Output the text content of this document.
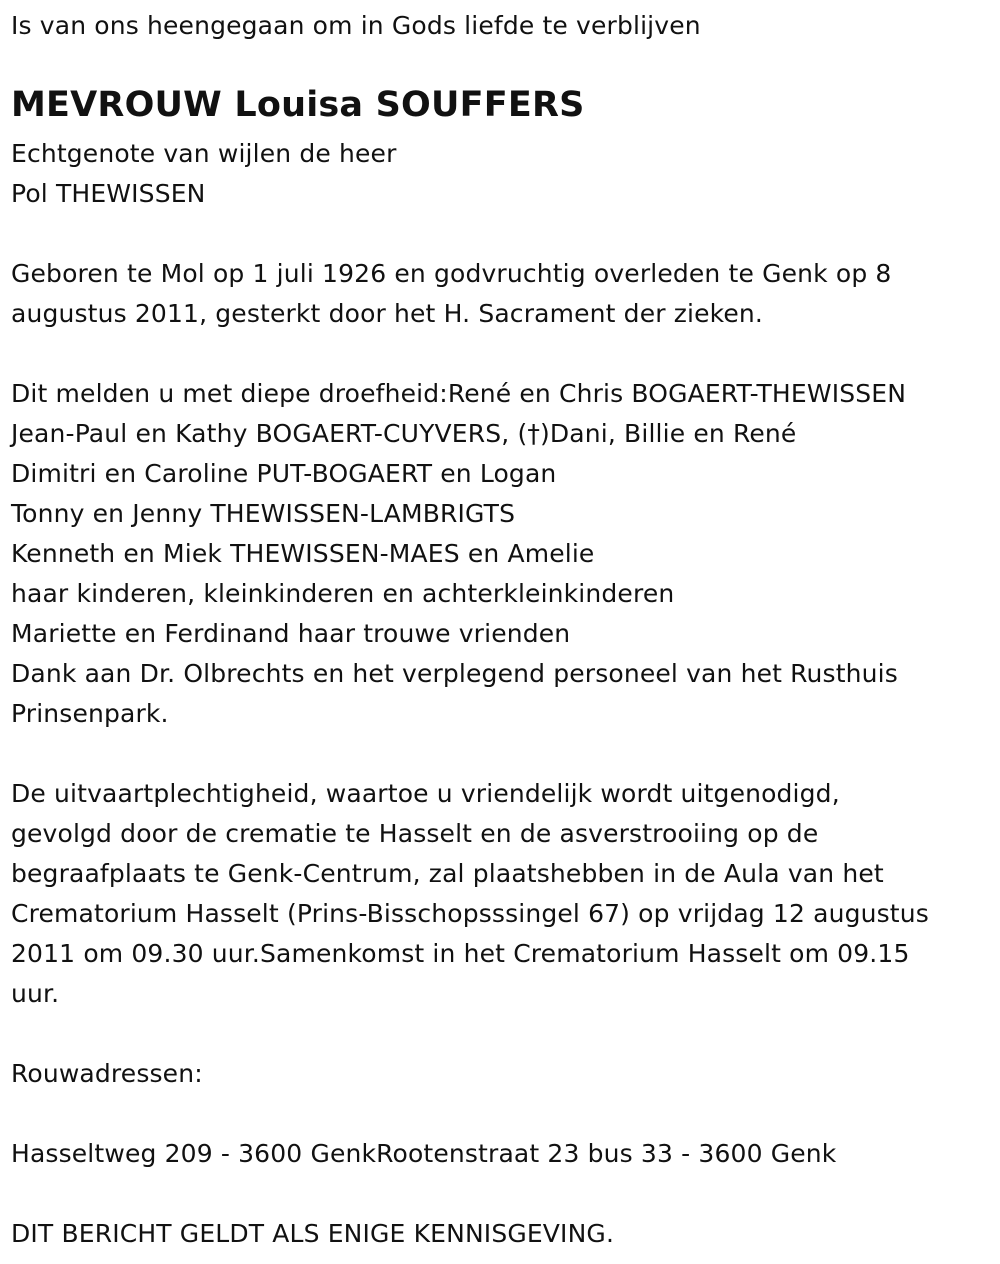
Is van ons heengegaan om in Gods liefde te verblijven
MEVROUW Louisa SOUFFERS
Echtgenote van wijlen de heer
Pol THEWISSEN
Geboren te Mol op 1 juli 1926 en godvruchtig overleden te Genk op 8
augustus 2011, gesterkt door het H. Sacrament der zieken.
Dit melden u met diepe droefheid:René en Chris BOGAERT-THEWISSEN
Jean-Paul en Kathy BOGAERT-CUYVERS, (†)Dani, Billie en René
Dimitri en Caroline PUT-BOGAERT en Logan
Tonny en Jenny THEWISSEN-LAMBRIGTS
Kenneth en Miek THEWISSEN-MAES en Amelie
haar kinderen, kleinkinderen en achterkleinkinderen
Mariette en Ferdinand haar trouwe vrienden
Dank aan Dr. Olbrechts en het verplegend personeel van het Rusthuis
Prinsenpark.
De uitvaartplechtigheid, waartoe u vriendelijk wordt uitgenodigd,
gevolgd door de crematie te Hasselt en de asverstrooiing op de
begraafplaats te Genk-Centrum, zal plaatshebben in de Aula van het
Crematorium Hasselt (Prins-Bisschopsssingel 67) op vrijdag 12 augustus
2011 om 09.30 uur.Samenkomst in het Crematorium Hasselt om 09.15
uur.
Rouwadressen:
Hasseltweg 209 - 3600 GenkRootenstraat 23 bus 33 - 3600 Genk
DIT BERICHT GELDT ALS ENIGE KENNISGEVING.
